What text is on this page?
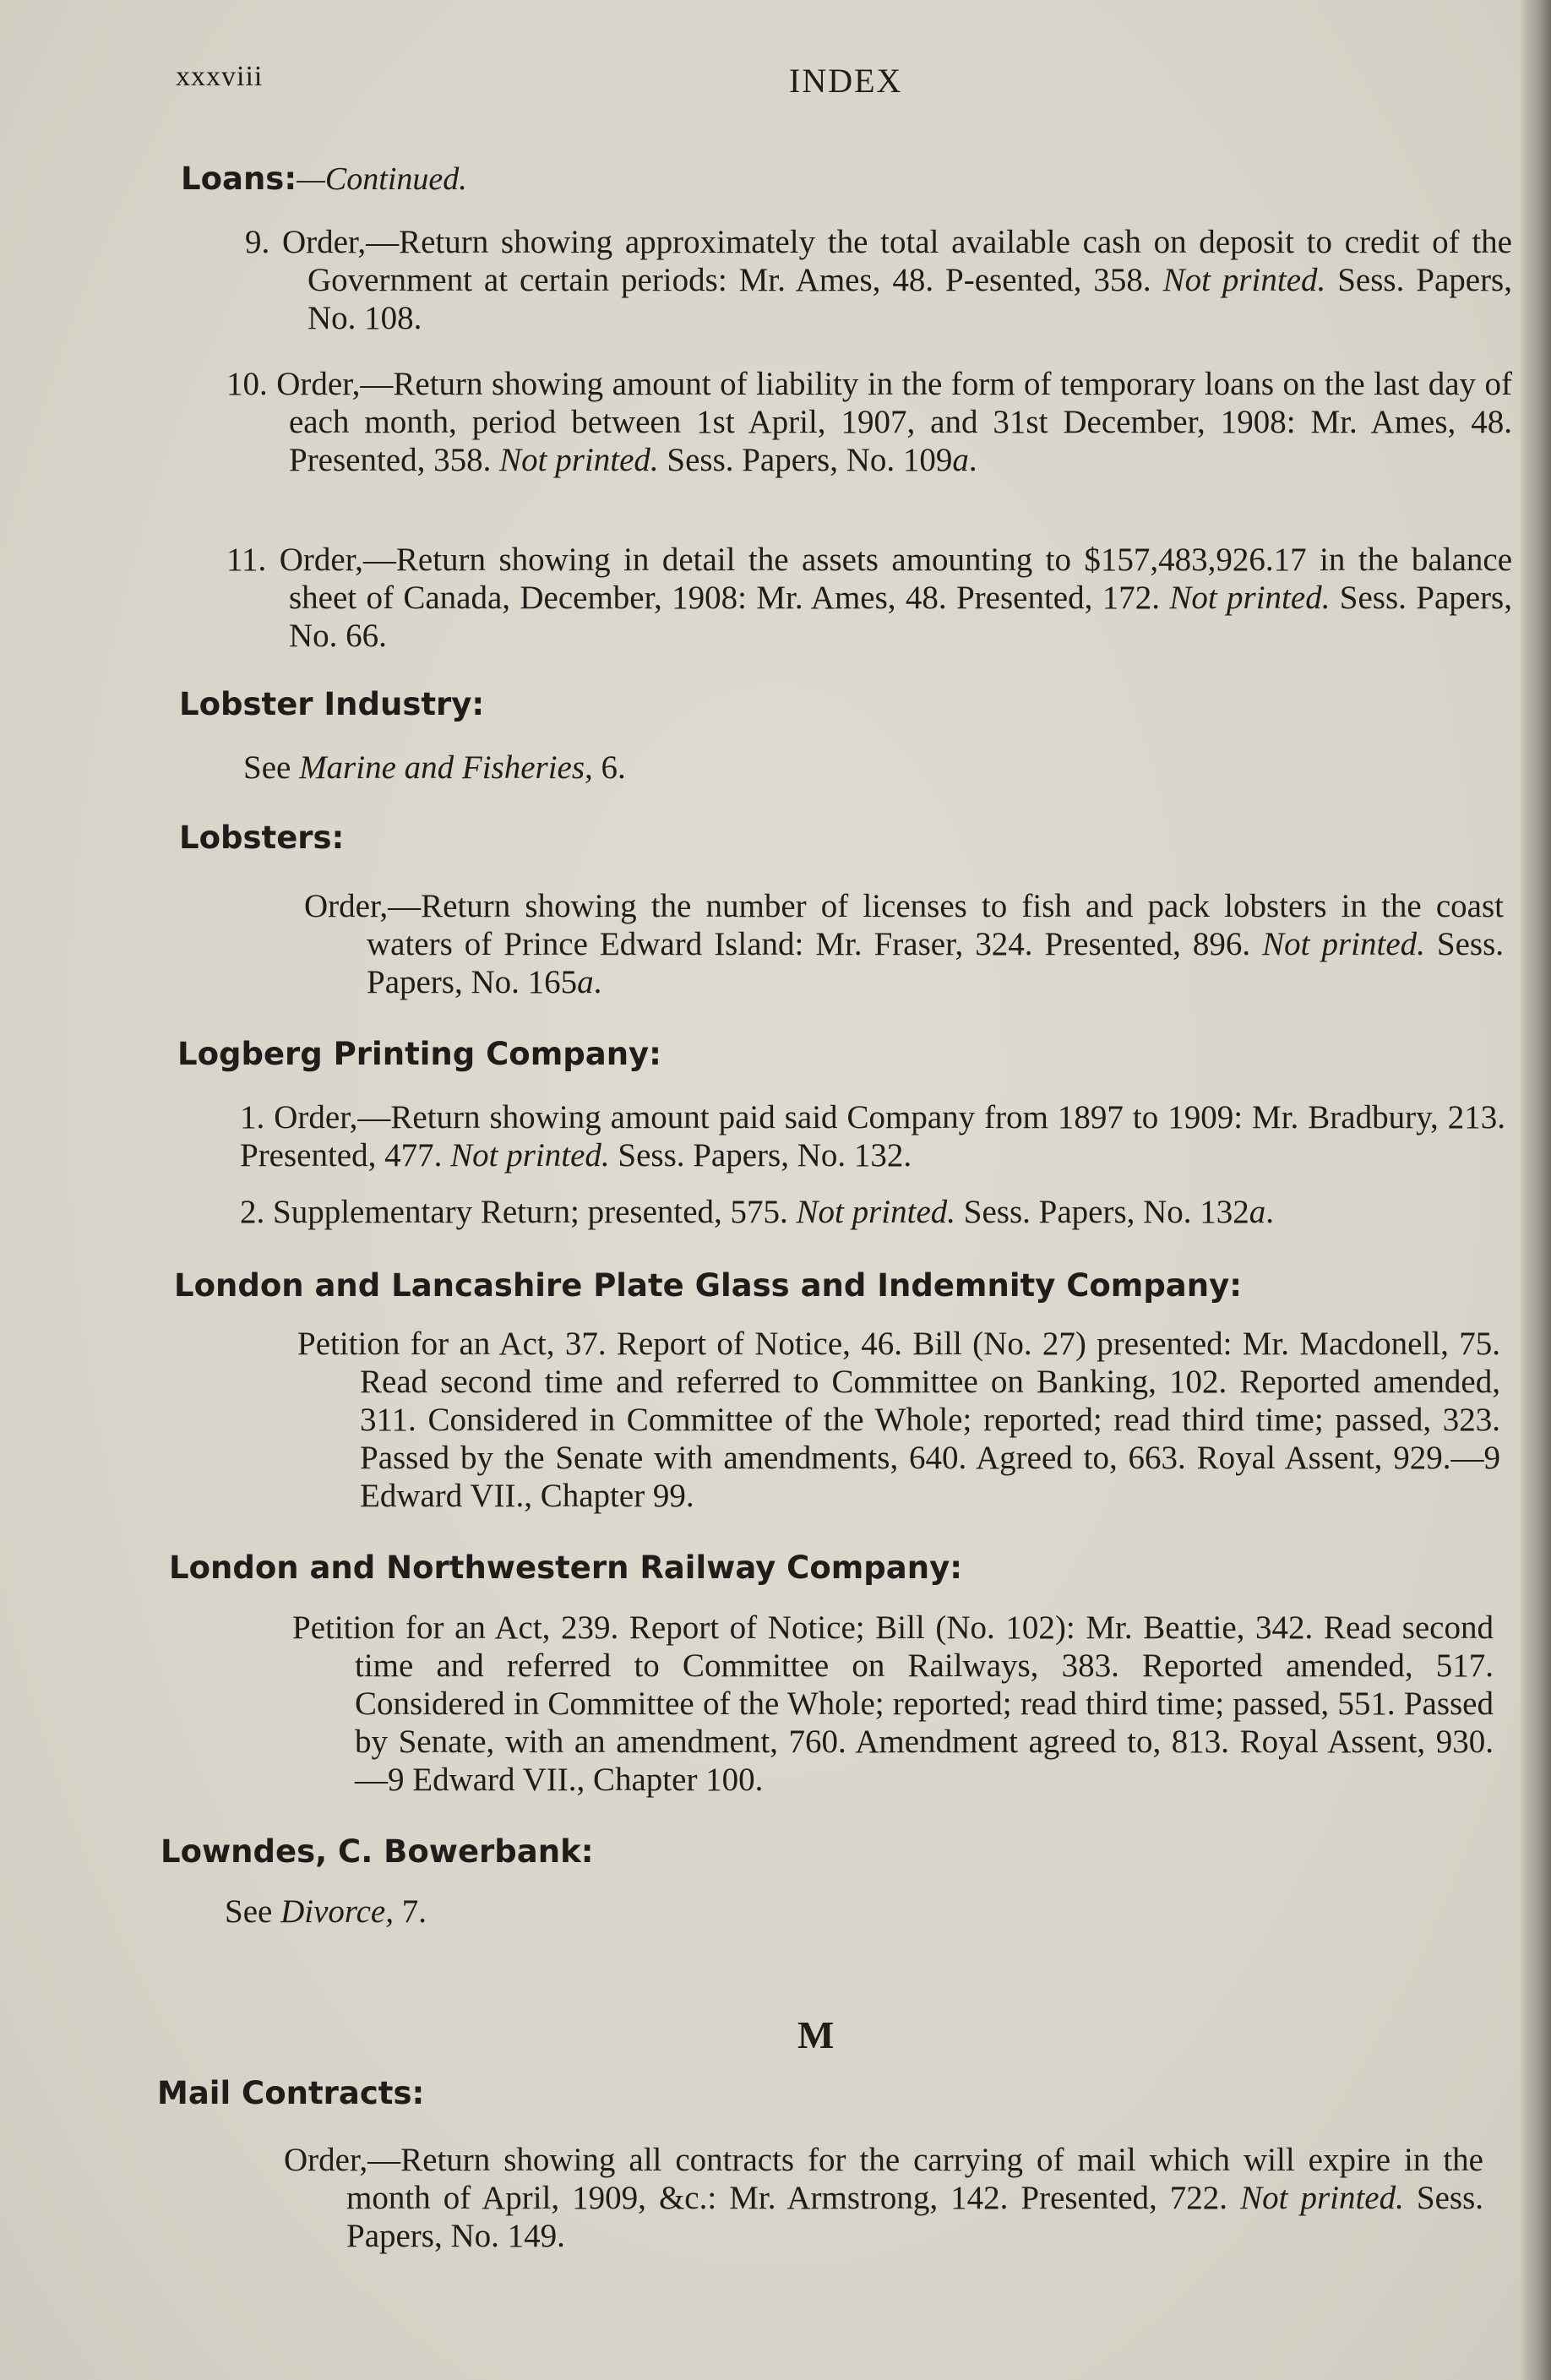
xxxviii	INDEX
Loans:—Continued.

9. Order,—Return showing approximately the total available cash on deposit to credit of the Government at certain periods: Mr. Ames, 48. P-esented, 358. Not printed. Sess. Papers, No. 108.

10. Order,—Return showing amount of liability in the form of temporary loans on the last day of each month, period between 1st April, 1907, and 31st December, 1908: Mr. Ames, 48. Presented, 358. Not printed. Sess. Papers, No. 109a.

11. Order,—Return showing in detail the assets amounting to $157,483,926.17 in the balance sheet of Canada, December, 1908: Mr. Ames, 48. Presented, 172. Not printed. Sess. Papers, No. 66.

Lobster Industry:
See Marine and Fisheries, 6.
Lobsters:

Order,—Return showing the number of licenses to fish and pack lobsters in the coast waters of Prince Edward Island: Mr. Fraser, 324. Presented, 896. Not printed. Sess. Papers, No. 165a.

Logberg Printing Company:

1. Order,—Return showing amount paid said Company from 1897 to 1909: Mr. Bradbury, 213. Presented, 477. Not printed. Sess. Papers, No. 132.

2. Supplementary Return; presented, 575. Not printed. Sess. Papers, No. 132a.

London and Lancashire Plate Glass and Indemnity Company:

Petition for an Act, 37. Report of Notice, 46. Bill (No. 27) presented: Mr. Macdonell, 75. Read second time and referred to Committee on Banking, 102. Reported amended, 311. Considered in Committee of the Whole; reported; read third time; passed, 323. Passed by the Senate with amendments, 640. Agreed to, 663. Royal Assent, 929.—9 Edward VII., Chapter 99.

London and Northwestern Railway Company:

Petition for an Act, 239. Report of Notice; Bill (No. 102): Mr. Beattie, 342. Read second time and referred to Committee on Railways, 383. Reported amended, 517. Considered in Committee of the Whole; reported; read third time; passed, 551. Passed by Senate, with an amendment, 760. Amendment agreed to, 813. Royal Assent, 930.—9 Edward VII., Chapter 100.

Lowndes, C. Bowerbank:
See Divorce, 7.
M
Mail Contracts:

Order,—Return showing all contracts for the carrying of mail which will expire in the month of April, 1909, &c.: Mr. Armstrong, 142. Presented, 722. Not printed. Sess. Papers, No. 149.
